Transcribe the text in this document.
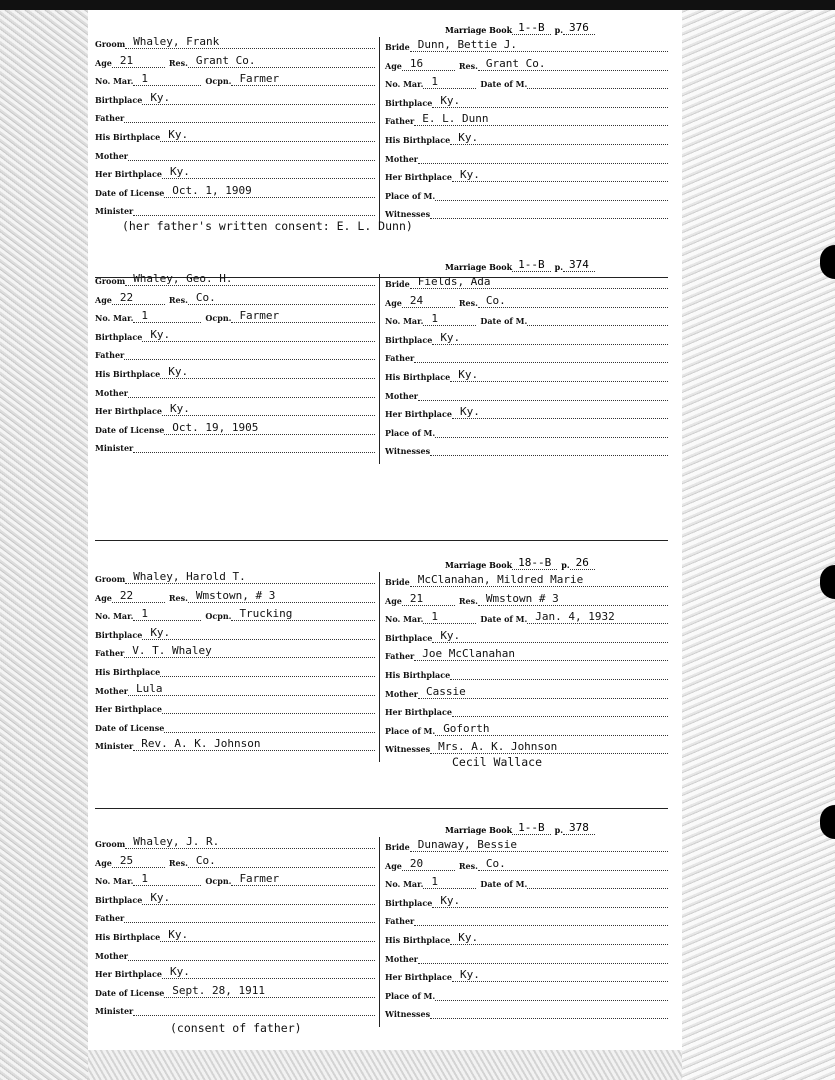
Groom Whaley, Frank
Age 21	Res. Grant Co.
No. Mar. 1	Ocpn. Farmer
Birthplace Ky.
Father
His Birthplace Ky.
Mother
Her Birthplace Ky.
Date of License Oct. 1, 1909
Minister
Marriage Book 1--B	p. 376
Bride Dunn, Bettie J.
Age 16	Res. Grant Co.
No. Mar. 1	Date of M.
Birthplace Ky.
Father E. L. Dunn
His Birthplace Ky.
Mother
Her Birthplace Ky.
Place of M.
Witnesses
(her father's written consent: E. L. Dunn)
Groom Whaley, Geo. H.
Age 22	Res. Co.
No. Mar. 1	Ocpn. Farmer
Birthplace Ky.
Father
His Birthplace Ky.
Mother
Her Birthplace Ky.
Date of License Oct. 19, 1905
Minister
Marriage Book 1--B	p. 374
Bride Fields, Ada
Age 24	Res. Co.
No. Mar. 1	Date of M.
Birthplace Ky.
Father
His Birthplace Ky.
Mother
Her Birthplace Ky.
Place of M.
Witnesses
Groom Whaley, Harold T.
Age 22	Res. Wmstown, # 3
No. Mar. 1	Ocpn. Trucking
Birthplace Ky.
Father V. T. Whaley
His Birthplace
Mother Lula
Her Birthplace
Date of License
Minister Rev. A. K. Johnson
Marriage Book 18--B	p. 26
Bride McClanahan, Mildred Marie
Age 21	Res. Wmstown # 3
No. Mar. 1	Date of M. Jan. 4, 1932
Birthplace Ky.
Father Joe McClanahan
His Birthplace
Mother Cassie
Her Birthplace
Place of M. Goforth
Witnesses Mrs. A. K. Johnson
Cecil Wallace
Groom Whaley, J. R.
Age 25	Res. Co.
No. Mar. 1	Ocpn. Farmer
Birthplace Ky.
Father
His Birthplace Ky.
Mother
Her Birthplace Ky.
Date of License Sept. 28, 1911
Minister
Marriage Book 1--B	p. 378
Bride Dunaway, Bessie
Age 20	Res. Co.
No. Mar. 1	Date of M.
Birthplace Ky.
Father
His Birthplace Ky.
Mother
Her Birthplace Ky.
Place of M.
Witnesses
(consent of father)
